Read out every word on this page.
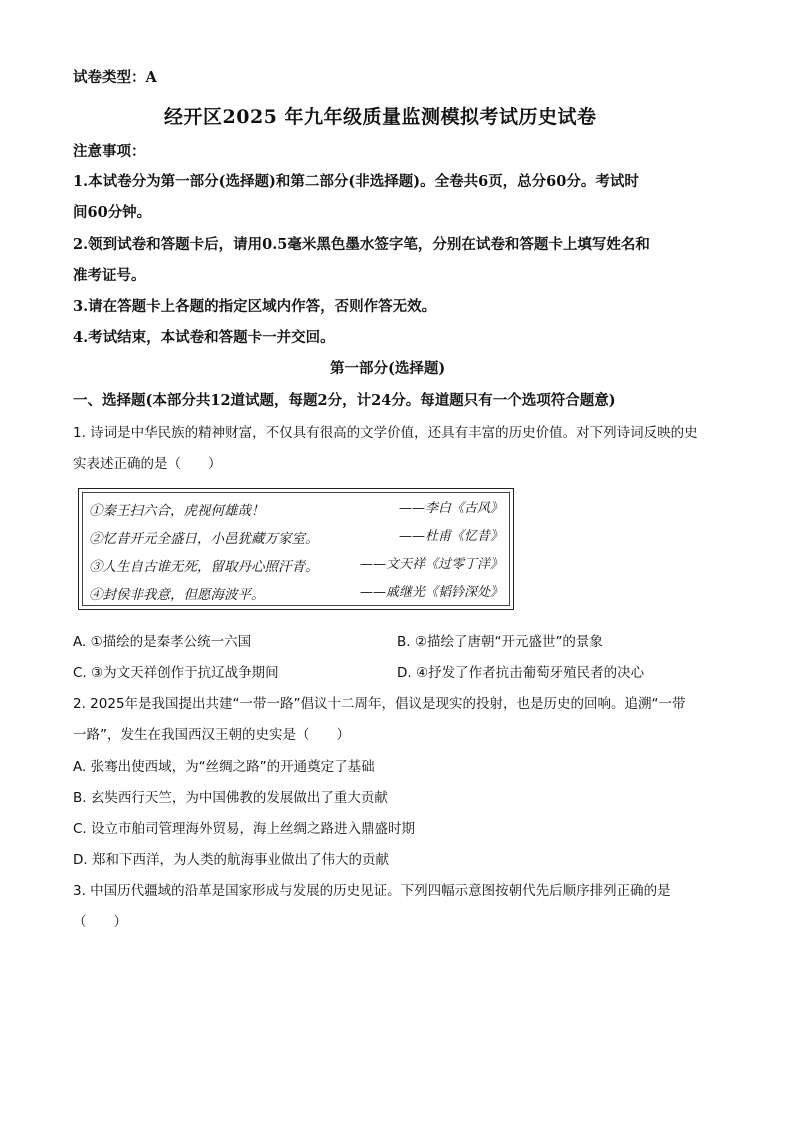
试卷类型：A
经开区2025 年九年级质量监测模拟考试历史试卷
注意事项：
1.本试卷分为第一部分(选择题)和第二部分(非选择题)。全卷共6页，总分60分。考试时
间60分钟。
2.领到试卷和答题卡后，请用0.5毫米黑色墨水签字笔，分别在试卷和答题卡上填写姓名和
准考证号。
3.请在答题卡上各题的指定区域内作答，否则作答无效。
4.考试结束，本试卷和答题卡一并交回。
第一部分(选择题)
一、选择题(本部分共12道试题，每题2分，计24分。每道题只有一个选项符合题意)
1. 诗词是中华民族的精神财富，不仅具有很高的文学价值，还具有丰富的历史价值。对下列诗词反映的史
实表述正确的是（　　）
①秦王扫六合，虎视何雄哉！	——李白《古风》
②忆昔开元全盛日，小邑犹藏万家室。	——杜甫《忆昔》
③人生自古谁无死，留取丹心照汗青。	——文天祥《过零丁洋》
④封侯非我意，但愿海波平。	——戚继光《韬钤深处》
A. ①描绘的是秦孝公统一六国	B. ②描绘了唐朝“开元盛世”的景象
C. ③为文天祥创作于抗辽战争期间	D. ④抒发了作者抗击葡萄牙殖民者的决心
2. 2025年是我国提出共建“一带一路”倡议十二周年，倡议是现实的投射，也是历史的回响。追溯“一带
一路”，发生在我国西汉王朝的史实是（　　）
A. 张骞出使西域，为“丝绸之路”的开通奠定了基础
B. 玄奘西行天竺，为中国佛教的发展做出了重大贡献
C. 设立市舶司管理海外贸易，海上丝绸之路进入鼎盛时期
D. 郑和下西洋，为人类的航海事业做出了伟大的贡献
3. 中国历代疆域的沿革是国家形成与发展的历史见证。下列四幅示意图按朝代先后顺序排列正确的是
（　　）
